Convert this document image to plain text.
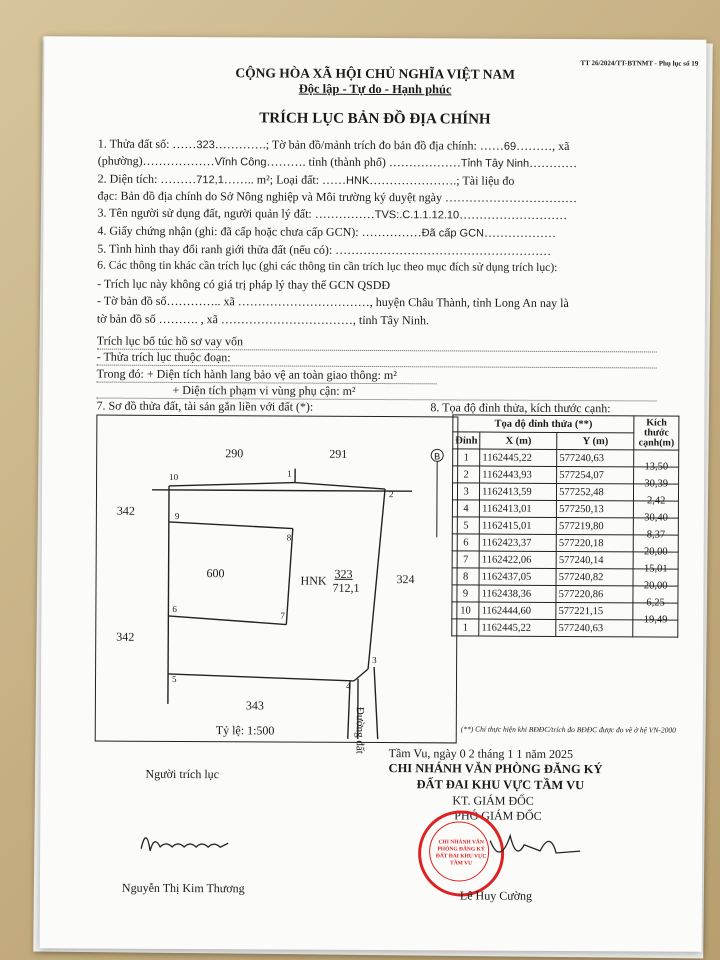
TT 26/2024/TT-BTNMT - Phụ lục số 19
CỘNG HÒA XÃ HỘI CHỦ NGHĨA VIỆT NAM
Độc lập - Tự do - Hạnh phúc
TRÍCH LỤC BẢN ĐỒ ĐỊA CHÍNH
1. Thửa đất số: ……323………….; Tờ bản đồ/mảnh trích đo bản đồ địa chính: ……69………, xã
(phường)………………Vĩnh Công………. tỉnh (thành phố) ………………Tỉnh Tây Ninh…………
2. Diện tích: ………712,1…….. m²; Loại đất: ……HNK………………….; Tài liệu đo
đạc: Bản đồ địa chính do Sở Nông nghiệp và Môi trường ký duyệt ngày ……………………………
3. Tên người sử dụng đất, người quản lý đất: ……………TVS:.C.1.1.12.10………………………
4. Giấy chứng nhận (ghi: đã cấp hoặc chưa cấp GCN): ……………Đã cấp GCN………………
5. Tình hình thay đổi ranh giới thửa đất (nếu có): ………………………………………………
6. Các thông tin khác cần trích lục (ghi các thông tin cần trích lục theo mục đích sử dụng trích lục):
- Trích lục này không có giá trị pháp lý thay thế GCN QSDĐ
- Tờ bản đồ số………….. xã ……………………………, huyện Châu Thành, tỉnh Long An nay là
tờ bản đồ số ………. , xã ……………………………, tỉnh Tây Ninh.
Trích lục bổ túc hồ sơ vay vốn
- Thửa trích lục thuộc đoạn:
Trong đó: + Diện tích hành lang bảo vệ an toàn giao thông: m²
+ Diện tích phạm vi vùng phụ cận: m²
7. Sơ đồ thửa đất, tài sản gắn liền với đất (*):	8. Tọa độ đỉnh thửa, kích thước cạnh:
B
290	291
342
600	324
342
343
HNK 323
712,1
Đường đất
Tỷ lệ: 1:500
1
2
3
4
5
6
7
8
9
10
Tọa độ đỉnh thửa (**)			Kích thước cạnh(m)
Đỉnh	X (m)	Y (m)	
1	1162445,22	577240,63	13,50
2	1162443,93	577254,07	30,39
3	1162413,59	577252,48	2,42
4	1162413,01	577250,13	30,40
5	1162415,01	577219,80	8,37
6	1162423,37	577220,18	20,00
7	1162422,06	577240,14	15,01
8	1162437,05	577240,82	20,00
9	1162438,36	577220,86	6,25
10	1162444,60	577221,15	19,49
1	1162445,22	577240,63	
(**) Chỉ thực hiện khi BĐĐC/trích đo BĐĐC được đo vẽ ở hệ VN-2000
Tầm Vu, ngày 0 2 tháng 1 1 năm 2025
CHI NHÁNH VĂN PHÒNG ĐĂNG KÝ
ĐẤT ĐAI KHU VỰC TẦM VU
KT. GIÁM ĐỐC
PHÓ GIÁM ĐỐC
Người trích lục
CHI NHÁNH VĂN PHÒNG ĐĂNG KÝ ĐẤT ĐAI KHU VỰC TẦM VU
Nguyễn Thị Kim Thương
Lê Huy Cường
